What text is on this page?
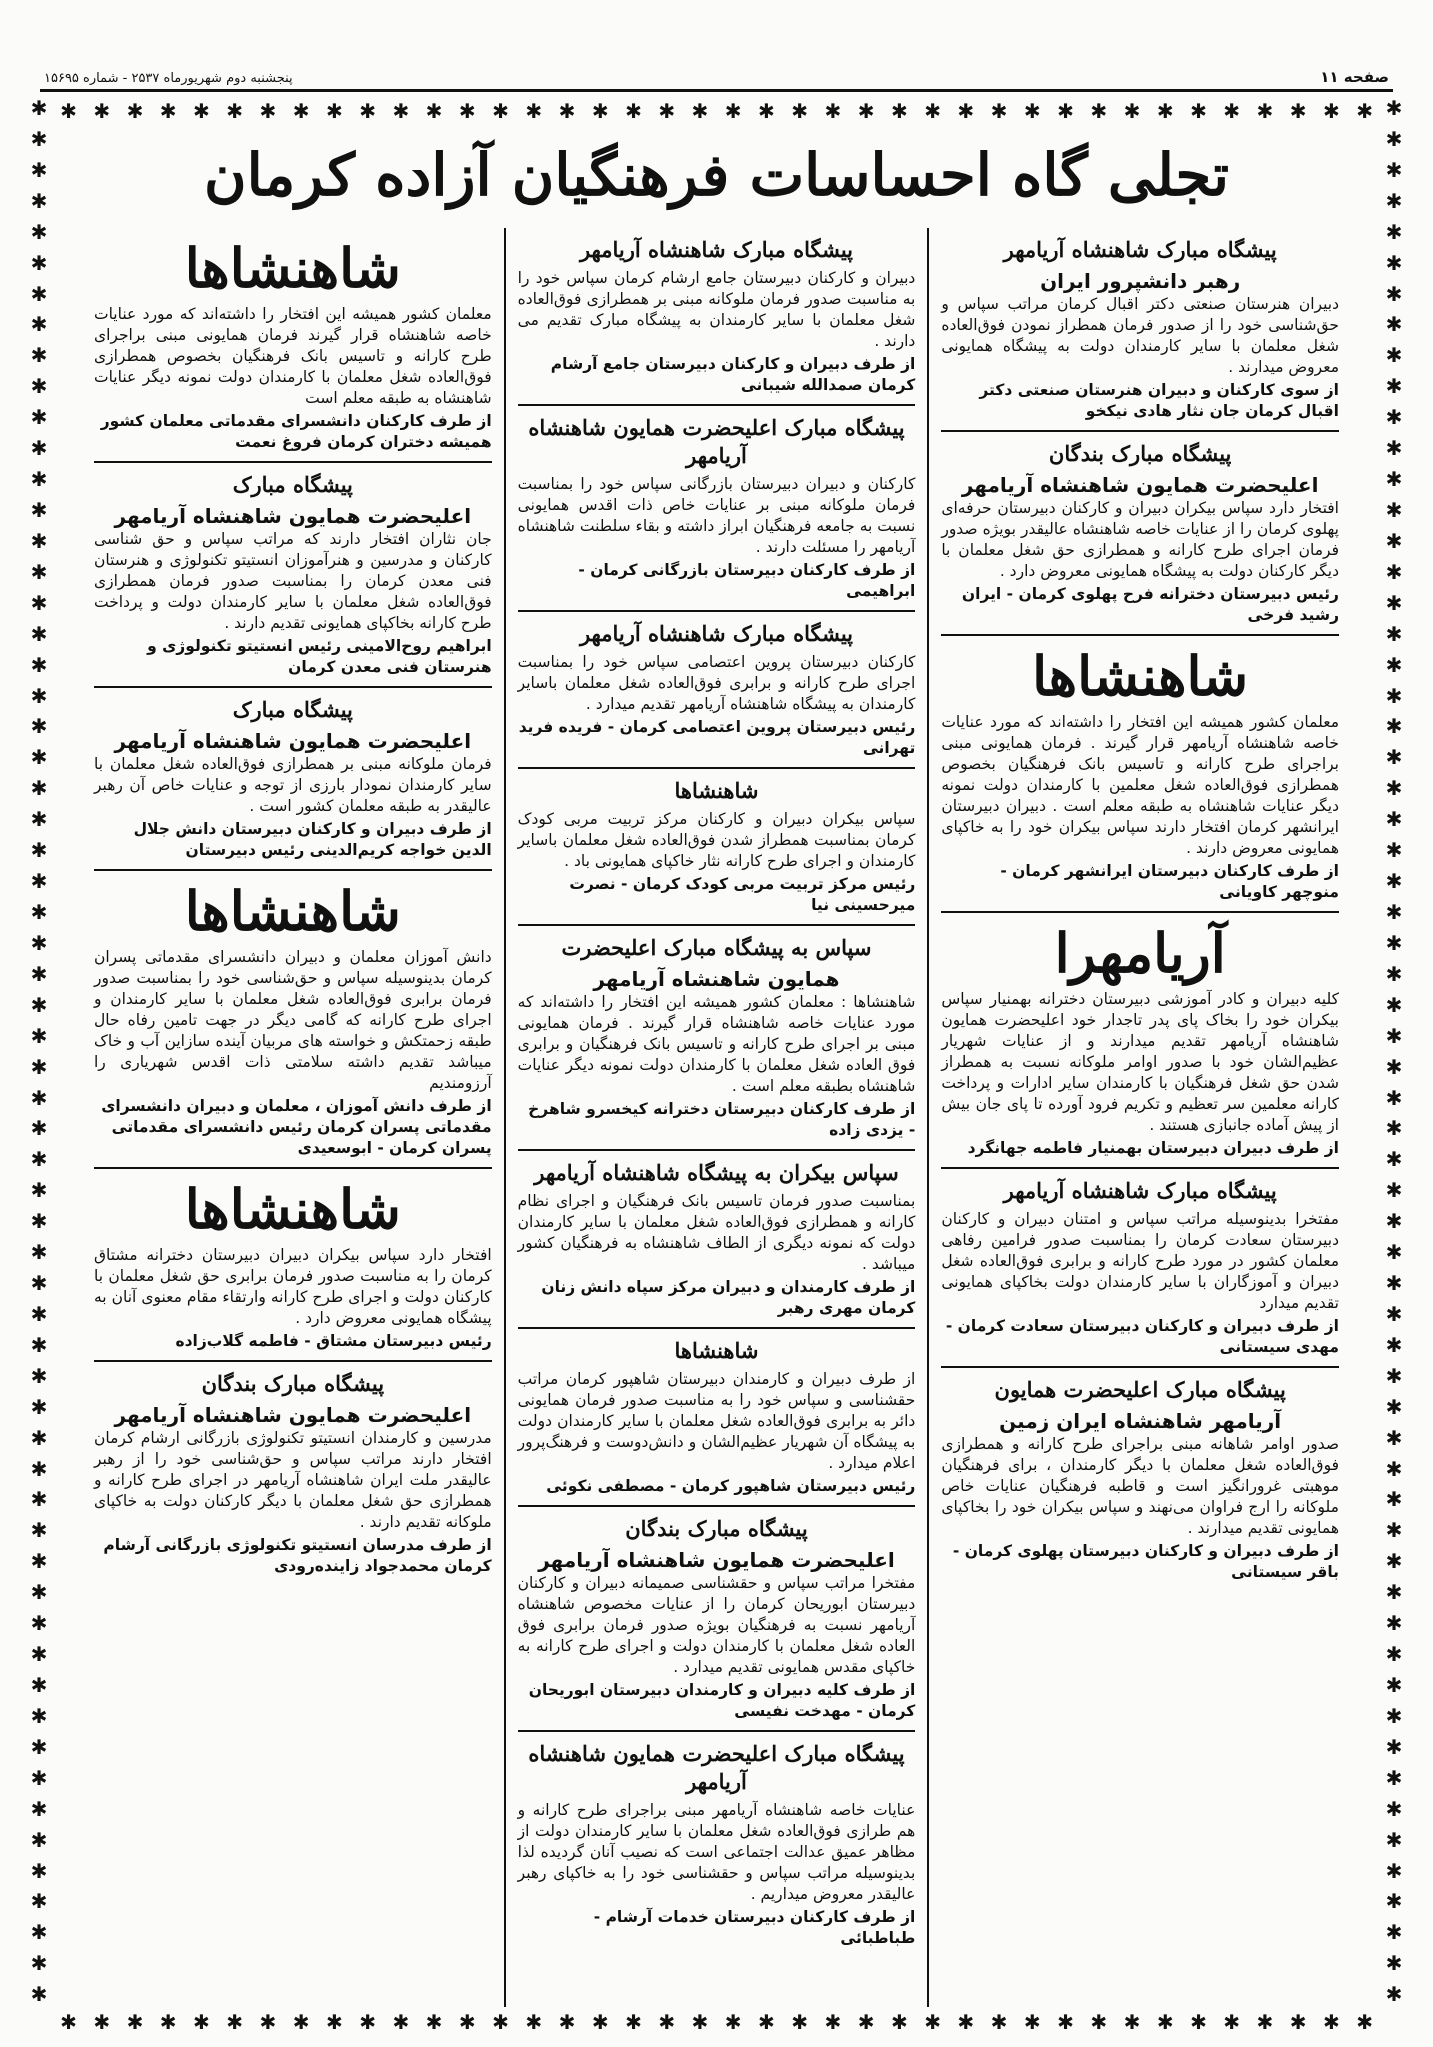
صفحه ۱۱
پنجشنبه دوم شهریورماه ۲۵۳۷ - شماره ۱۵۶۹۵
✱
✱
✱
✱
✱
✱
✱
✱
✱
✱
✱
✱
✱
✱
✱
✱
✱
✱
✱
✱
✱
✱
✱
✱
✱
✱
✱
✱
✱
✱
✱
✱
✱
✱
✱
✱
✱
✱
✱
✱
✱
✱
✱
✱
✱
✱
✱
✱
✱
✱
✱
✱
✱
✱
✱
✱
✱
✱
✱
✱
✱
✱
✱
✱
✱
✱
✱
✱
✱
✱
✱
✱
✱
✱
✱
✱
✱
✱
✱
✱
✱
✱
✱
✱
✱
✱
✱
✱
✱
✱
✱
✱
✱
✱
✱
✱
✱
✱
✱
✱
✱
✱
✱
✱
✱
✱
✱
✱
✱
✱
✱
✱
✱
✱
✱
✱
✱
✱
✱
✱
✱
✱
✱
✱
✱
✱
✱
✱
✱
✱
✱
✱
✱
✱
✱
✱
✱
✱
✱
✱
✱
✱
✱
✱
✱
✱
✱
✱
✱
✱
✱
✱
✱
✱
✱
✱
✱
✱
✱
✱
✱
✱
✱
✱
✱
✱
✱
✱
✱
✱
✱
✱
✱
✱
✱
✱
✱
✱
✱
✱
✱
✱
✱
✱
✱
✱
✱
✱
✱
✱
✱
✱
✱
✱
✱
✱
✱
✱
✱
✱
✱
✱
✱
✱
تجلی گاه احساسات فرهنگیان آزاده کرمان
پیشگاه مبارک شاهنشاه آریامهر
رهبر دانشپرور ایران
دبیران هنرستان صنعتی دکتر اقبال کرمان مراتب سپاس و حق‌شناسی خود را از صدور فرمان همطراز نمودن فوق‌العاده شغل معلمان با سایر کارمندان دولت به پیشگاه همایونی معروض میدارند .
از سوی کارکنان و دبیران هنرستان صنعتی دکتر اقبال کرمان جان نثار هادی نیکخو
پیشگاه مبارک بندگان
اعلیحضرت همایون شاهنشاه آریامهر
افتخار دارد سپاس بیکران دبیران و کارکنان دبیرستان حرفه‌ای پهلوی کرمان را از عنایات خاصه شاهنشاه عالیقدر بویژه صدور فرمان اجرای طرح کارانه و همطرازی حق شغل معلمان با دیگر کارکنان دولت به پیشگاه همایونی معروض دارد .
رئیس دبیرستان دخترانه فرح پهلوی کرمان - ایران رشید فرخی
شاهنشاها
معلمان کشور همیشه این افتخار را داشته‌اند که مورد عنایات خاصه شاهنشاه آریامهر قرار گیرند . فرمان همایونی مبنی براجرای طرح کارانه و تاسیس بانک فرهنگیان بخصوص همطرازی فوق‌العاده شغل معلمین با کارمندان دولت نمونه دیگر عنایات شاهنشاه به طبقه معلم است . دبیران دبیرستان ایرانشهر کرمان افتخار دارند سپاس بیکران خود را به خاکپای همایونی معروض دارند .
از طرف کارکنان دبیرستان ایرانشهر کرمان - منوچهر کاویانی
آریامهرا
کلیه دبیران و کادر آموزشی دبیرستان دخترانه بهمنیار سپاس بیکران خود را بخاک پای پدر تاجدار خود اعلیحضرت همایون شاهنشاه آریامهر تقدیم میدارند و از عنایات شهریار عظیم‌الشان خود با صدور اوامر ملوکانه نسبت به همطراز شدن حق شغل فرهنگیان با کارمندان سایر ادارات و پرداخت کارانه معلمین سر تعظیم و تکریم فرود آورده تا پای جان بیش از پیش آماده جانبازی هستند .
از طرف دبیران دبیرستان بهمنیار فاطمه جهانگرد
پیشگاه مبارک شاهنشاه آریامهر
مفتخرا بدینوسیله مراتب سپاس و امتنان دبیران و کارکنان دبیرستان سعادت کرمان را بمناسبت صدور فرامین رفاهی معلمان کشور در مورد طرح کارانه و برابری فوق‌العاده شغل دبیران و آموزگاران با سایر کارمندان دولت بخاکپای همایونی تقدیم میدارد
از طرف دبیران و کارکنان دبیرستان سعادت کرمان - مهدی سیستانی
پیشگاه مبارک اعلیحضرت همایون
آریامهر شاهنشاه ایران زمین
صدور اوامر شاهانه مبنی براجرای طرح کارانه و همطرازی فوق‌العاده شغل معلمان با دیگر کارمندان ، برای فرهنگیان موهبتی غرورانگیز است و قاطبه فرهنگیان عنایات خاص ملوکانه را ارج فراوان می‌نهند و سپاس بیکران خود را بخاکپای همایونی تقدیم میدارند .
از طرف دبیران و کارکنان دبیرستان پهلوی کرمان - باقر سیستانی
پیشگاه مبارک شاهنشاه آریامهر
دبیران و کارکنان دبیرستان جامع ارشام کرمان سپاس خود را به مناسبت صدور فرمان ملوکانه مبنی بر همطرازی فوق‌العاده شغل معلمان با سایر کارمندان به پیشگاه مبارک تقدیم می دارند .
از طرف دبیران و کارکنان دبیرستان جامع آرشام کرمان صمدالله شیبانی
پیشگاه مبارک اعلیحضرت همایون شاهنشاه آریامهر
کارکنان و دبیران دبیرستان بازرگانی سپاس خود را بمناسبت فرمان ملوکانه مبنی بر عنایات خاص ذات اقدس همایونی نسبت به جامعه فرهنگیان ابراز داشته و بقاء سلطنت شاهنشاه آریامهر را مسئلت دارند .
از طرف کارکنان دبیرستان بازرگانی کرمان - ابراهیمی
پیشگاه مبارک شاهنشاه آریامهر
کارکنان دبیرستان پروین اعتصامی سپاس خود را بمناسبت اجرای طرح کارانه و برابری فوق‌العاده شغل معلمان باسایر کارمندان به پیشگاه شاهنشاه آریامهر تقدیم میدارد .
رئیس دبیرستان پروین اعتصامی کرمان - فریده فرید تهرانی
شاهنشاها
سپاس بیکران دبیران و کارکنان مرکز تربیت مربی کودک کرمان بمناسبت همطراز شدن فوق‌العاده شغل معلمان باسایر کارمندان و اجرای طرح کارانه نثار خاکپای همایونی باد .
رئیس مرکز تربیت مربی کودک کرمان - نصرت میرحسینی نیا
سپاس به پیشگاه مبارک اعلیحضرت
همایون شاهنشاه آریامهر
شاهنشاها : معلمان کشور همیشه این افتخار را داشته‌اند که مورد عنایات خاصه شاهنشاه قرار گیرند . فرمان همایونی مبنی بر اجرای طرح کارانه و تاسیس بانک فرهنگیان و برابری فوق العاده شغل معلمان با کارمندان دولت نمونه دیگر عنایات شاهنشاه بطبقه معلم است .
از طرف کارکنان دبیرستان دخترانه کیخسرو شاهرخ - یزدی زاده
سپاس بیکران به پیشگاه شاهنشاه آریامهر
بمناسبت صدور فرمان تاسیس بانک فرهنگیان و اجرای نظام کارانه و همطرازی فوق‌العاده شغل معلمان با سایر کارمندان دولت که نمونه دیگری از الطاف شاهنشاه به فرهنگیان کشور میباشد .
از طرف کارمندان و دبیران مرکز سپاه دانش زنان کرمان مهری رهبر
شاهنشاها
از طرف دبیران و کارمندان دبیرستان شاهپور کرمان مراتب حقشناسی و سپاس خود را به مناسبت صدور فرمان همایونی دائر به برابری فوق‌العاده شغل معلمان با سایر کارمندان دولت به پیشگاه آن شهریار عظیم‌الشان و دانش‌دوست و فرهنگ‌پرور اعلام میدارد .
رئیس دبیرستان شاهپور کرمان - مصطفی نکوئی
پیشگاه مبارک بندگان
اعلیحضرت همایون شاهنشاه آریامهر
مفتخرا مراتب سپاس و حقشناسی صمیمانه دبیران و کارکنان دبیرستان ابوریحان کرمان را از عنایات مخصوص شاهنشاه آریامهر نسبت به فرهنگیان بویژه صدور فرمان برابری فوق العاده شغل معلمان با کارمندان دولت و اجرای طرح کارانه به خاکپای مقدس همایونی تقدیم میدارد .
از طرف کلیه دبیران و کارمندان دبیرستان ابوریحان کرمان - مهدخت نفیسی
پیشگاه مبارک اعلیحضرت همایون شاهنشاه آریامهر
عنایات خاصه شاهنشاه آریامهر مبنی براجرای طرح کارانه و هم طرازی فوق‌العاده شغل معلمان با سایر کارمندان دولت از مظاهر عمیق عدالت اجتماعی است که نصیب آنان گردیده لذا بدینوسیله مراتب سپاس و حقشناسی خود را به خاکپای رهبر عالیقدر معروض میداریم .
از طرف کارکنان دبیرستان خدمات آرشام - طباطبائی
شاهنشاها
معلمان کشور همیشه این افتخار را داشته‌اند که مورد عنایات خاصه شاهنشاه قرار گیرند فرمان همایونی مبنی براجرای طرح کارانه و تاسیس بانک فرهنگیان بخصوص همطرازی فوق‌العاده شغل معلمان با کارمندان دولت نمونه دیگر عنایات شاهنشاه به طبقه معلم است
از طرف کارکنان دانشسرای مقدماتی معلمان کشور همیشه دختران کرمان فروغ نعمت
پیشگاه مبارک
اعلیحضرت همایون شاهنشاه آریامهر
جان نثاران افتخار دارند که مراتب سپاس و حق شناسی کارکنان و مدرسین و هنرآموزان انستیتو تکنولوژی و هنرستان فنی معدن کرمان را بمناسبت صدور فرمان همطرازی فوق‌العاده شغل معلمان با سایر کارمندان دولت و پرداخت طرح کارانه بخاکپای همایونی تقدیم دارند .
ابراهیم روح‌الامینی رئیس انستیتو تکنولوژی و هنرستان فنی معدن کرمان
پیشگاه مبارک
اعلیحضرت همایون شاهنشاه آریامهر
فرمان ملوکانه مبنی بر همطرازی فوق‌العاده شغل معلمان با سایر کارمندان نمودار بارزی از توجه و عنایات خاص آن رهبر عالیقدر به طبقه معلمان کشور است .
از طرف دبیران و کارکنان دبیرستان دانش جلال الدین خواجه کریم‌الدینی رئیس دبیرستان
شاهنشاها
دانش آموزان معلمان و دبیران دانشسرای مقدماتی پسران کرمان بدینوسیله سپاس و حق‌شناسی خود را بمناسبت صدور فرمان برابری فوق‌العاده شغل معلمان با سایر کارمندان و اجرای طرح کارانه که گامی دیگر در جهت تامین رفاه حال طبقه زحمتکش و خواسته های مربیان آینده سازاین آب و خاک میباشد تقدیم داشته سلامتی ذات اقدس شهریاری را آرزومندیم
از طرف دانش آموزان ، معلمان و دبیران دانشسرای مقدماتی پسران کرمان رئیس دانشسرای مقدماتی پسران کرمان - ابوسعیدی
شاهنشاها
افتخار دارد سپاس بیکران دبیران دبیرستان دخترانه مشتاق کرمان را به مناسبت صدور فرمان برابری حق شغل معلمان با کارکنان دولت و اجرای طرح کارانه وارتقاء مقام معنوی آنان به پیشگاه همایونی معروض دارد .
رئیس دبیرستان مشتاق - فاطمه گلاب‌زاده
پیشگاه مبارک بندگان
اعلیحضرت همایون شاهنشاه آریامهر
مدرسین و کارمندان انستیتو تکنولوژی بازرگانی ارشام کرمان افتخار دارند مراتب سپاس و حق‌شناسی خود را از رهبر عالیقدر ملت ایران شاهنشاه آریامهر در اجرای طرح کارانه و همطرازی حق شغل معلمان با دیگر کارکنان دولت به خاکپای ملوکانه تقدیم دارند .
از طرف مدرسان انستیتو تکنولوژی بازرگانی آرشام کرمان محمدجواد زاینده‌رودی
